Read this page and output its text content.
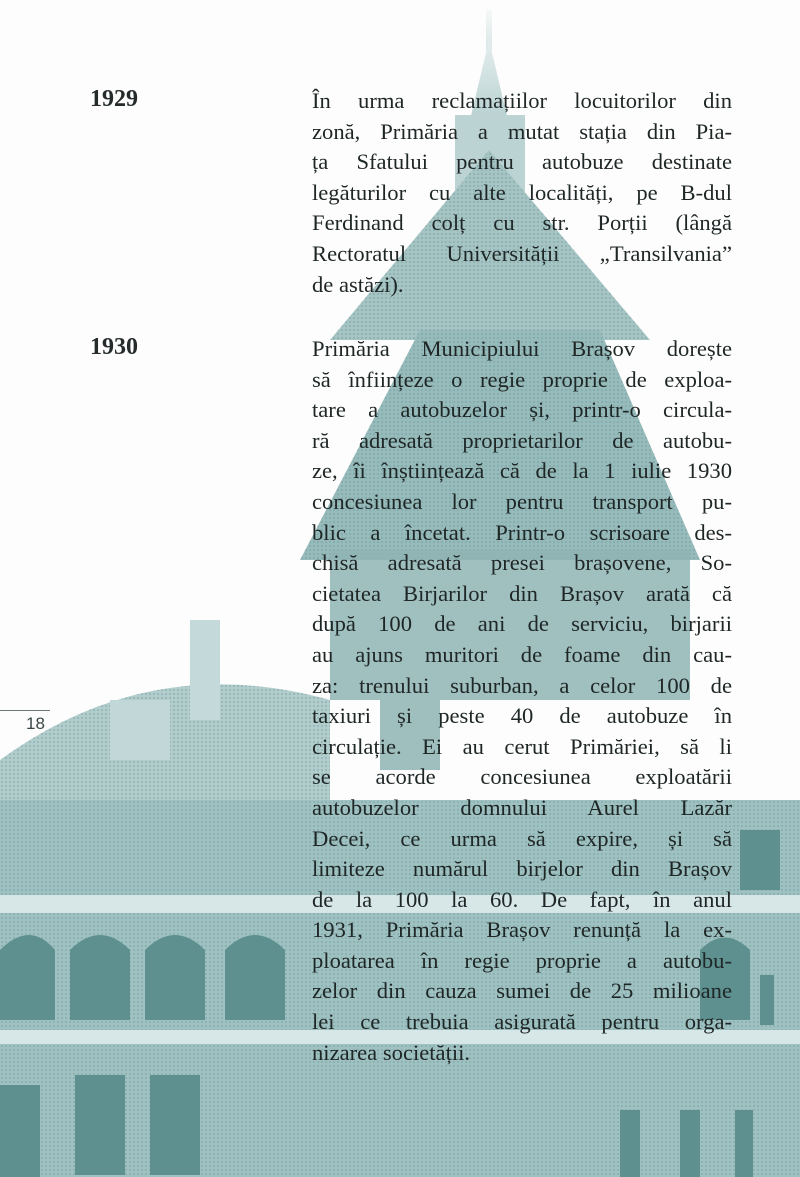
1929	În urma reclamațiilor locuitorilor din
zonă, Primăria a mutat stația din Pia-
ța Sfatului pentru autobuze destinate
legăturilor cu alte localități, pe B-dul
Ferdinand colț cu str. Porții (lângă
Rectoratul Universității „Transilvania”
de astăzi).
1930	Primăria Municipiului Brașov dorește
să înființeze o regie proprie de exploa-
tare a autobuzelor și, printr-o circula-
ră adresată proprietarilor de autobu-
ze, îi înștiințează că de la 1 iulie 1930
concesiunea lor pentru transport pu-
blic a încetat. Printr-o scrisoare des-
chisă adresată presei brașovene, So-
cietatea Birjarilor din Brașov arată că
după 100 de ani de serviciu, birjarii
au ajuns muritori de foame din cau-
za: trenului suburban, a celor 100 de
taxiuri și peste 40 de autobuze în
circulație. Ei au cerut Primăriei, să li
se acorde concesiunea exploatării
autobuzelor domnului Aurel Lazăr
Decei, ce urma să expire, și să
limiteze numărul birjelor din Brașov
de la 100 la 60. De fapt, în anul
1931, Primăria Brașov renunță la ex-
ploatarea în regie proprie a autobu-
zelor din cauza sumei de 25 milioane
lei ce trebuia asigurată pentru orga-
nizarea societății.
18
